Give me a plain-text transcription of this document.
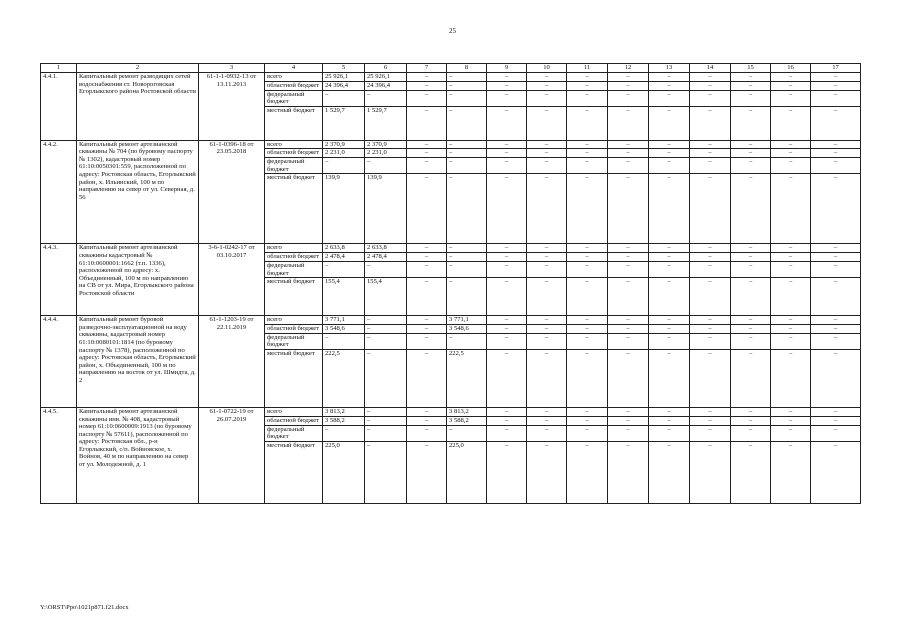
25
1	2	3	4	5	6	7	8	9	10	11	12	13	14	15	16	17
4.4.1.	Капитальный ремонт разводящих сетей водоснабжения ст. Новороговская Егорлыкского района Ростовской области	61-1-1-0932-13 от 13.11.2013	всего	25 926,1	25 926,1	–	–	–	–	–	–	–	–	–	–	–
			областной бюджет	24 396,4	24 396,4	–	–	–	–	–	–	–	–	–	–	–
			федеральный бюджет	–	–	–	–	–	–	–	–	–	–	–	–	–
			местный бюджет	1 529,7	1 529,7	–	–	–	–	–	–	–	–	–	–	–
4.4.2.	Капитальный ремонт артезианской скважины № 704 (по буровому паспорту № 1302), кадастровый номер 61:10:0050301:559, расположенной по адресу: Ростовская область, Егорлыкский район, х. Ильинский, 100 м по направлению на север от ул. Северная, д. 56	61-1-0396-18 от 23.05.2018	всего	2 370,9	2 370,9	–	–	–	–	–	–	–	–	–	–	–
			областной бюджет	2 231,0	2 231,0	–	–	–	–	–	–	–	–	–	–	–
			федеральный бюджет	–	–	–	–	–	–	–	–	–	–	–	–	–
			местный бюджет	139,9	139,9	–	–	–	–	–	–	–	–	–	–	–
4.4.3.	Капитальный ремонт артезианской скважины кадастровый № 61:10:0600001:1662 (т.п. 1336), расположенной по адресу: х. Объединенный, 100 м по направлению на СВ от ул. Мира, Егорлыкского района Ростовской области	3-6-1-0242-17 от 03.10.2017	всего	2 633,8	2 633,8	–	–	–	–	–	–	–	–	–	–	–
			областной бюджет	2 478,4	2 478,4	–	–	–	–	–	–	–	–	–	–	–
			федеральный бюджет	–	–	–	–	–	–	–	–	–	–	–	–	–
			местный бюджет	155,4	155,4	–	–	–	–	–	–	–	–	–	–	–
4.4.4.	Капитальный ремонт буровой разведочно-эксплуатационной на воду скважины, кадастровый номер 61:10:0080101:1814 (по буровому паспорту № 1378), расположенной по адресу: Ростовская область, Егорлыкский район, х. Объединенный, 100 м по направлению на восток от ул. Шмидта, д. 2	61-1-1203-19 от 22.11.2019	всего	3 771,1	–	–	3 771,1	–	–	–	–	–	–	–	–	–
			областной бюджет	3 548,6	–	–	3 548,6	–	–	–	–	–	–	–	–	–
			федеральный бюджет	–	–	–	–	–	–	–	–	–	–	–	–	–
			местный бюджет	222,5	–	–	222,5	–	–	–	–	–	–	–	–	–
4.4.5.	Капитальный ремонт артезианской скважины инв. № 408, кадастровый номер 61:10:0600009:1913 (по буровому паспорту № 57611), расположенной по адресу: Ростовская обл., р-н Егорлыкский, с/п. Войновское, х. Войнов, 40 м по направлению на север от ул. Молодежной, д. 1	61-1-0722-19 от 26.07.2019	всего	3 813,2	–	–	3 813,2	–	–	–	–	–	–	–	–	–
			областной бюджет	3 588,2	–	–	3 588,2	–	–	–	–	–	–	–	–	–
			федеральный бюджет	–	–	–	–	–	–	–	–	–	–	–	–	–
			местный бюджет	225,0	–	–	225,0	–	–	–	–	–	–	–	–	–
Y:\ORST\Ppo\1021p871.f21.docx
